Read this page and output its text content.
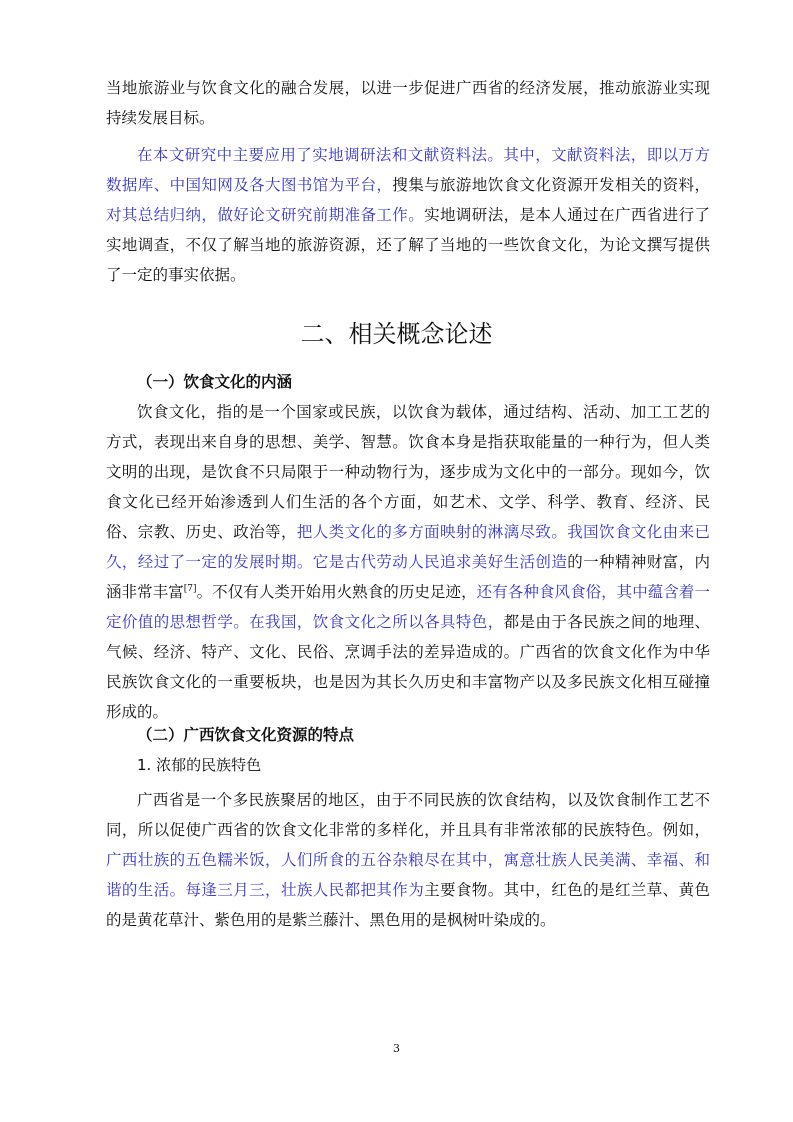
当地旅游业与饮食文化的融合发展，以进一步促进广西省的经济发展，推动旅游业实现持续发展目标。

在本文研究中主要应用了实地调研法和文献资料法。其中，文献资料法，即以万方数据库、中国知网及各大图书馆为平台，搜集与旅游地饮食文化资源开发相关的资料，对其总结归纳，做好论文研究前期准备工作。实地调研法，是本人通过在广西省进行了实地调查，不仅了解当地的旅游资源，还了解了当地的一些饮食文化，为论文撰写提供了一定的事实依据。

二、相关概念论述
（一）饮食文化的内涵

饮食文化，指的是一个国家或民族，以饮食为载体，通过结构、活动、加工工艺的方式，表现出来自身的思想、美学、智慧。饮食本身是指获取能量的一种行为，但人类文明的出现，是饮食不只局限于一种动物行为，逐步成为文化中的一部分。现如今，饮食文化已经开始渗透到人们生活的各个方面，如艺术、文学、科学、教育、经济、民俗、宗教、历史、政治等，把人类文化的多方面映射的淋漓尽致。我国饮食文化由来已久，经过了一定的发展时期。它是古代劳动人民追求美好生活创造的一种精神财富，内涵非常丰富[7]。不仅有人类开始用火熟食的历史足迹，还有各种食风食俗，其中蕴含着一定价值的思想哲学。在我国，饮食文化之所以各具特色，都是由于各民族之间的地理、气候、经济、特产、文化、民俗、烹调手法的差异造成的。广西省的饮食文化作为中华民族饮食文化的一重要板块，也是因为其长久历史和丰富物产以及多民族文化相互碰撞形成的。

（二）广西饮食文化资源的特点

1. 浓郁的民族特色

广西省是一个多民族聚居的地区，由于不同民族的饮食结构，以及饮食制作工艺不同，所以促使广西省的饮食文化非常的多样化，并且具有非常浓郁的民族特色。例如，广西壮族的五色糯米饭，人们所食的五谷杂粮尽在其中，寓意壮族人民美满、幸福、和谐的生活。每逢三月三，壮族人民都把其作为主要食物。其中，红色的是红兰草、黄色的是黄花草汁、紫色用的是紫兰藤汁、黑色用的是枫树叶染成的。

3
